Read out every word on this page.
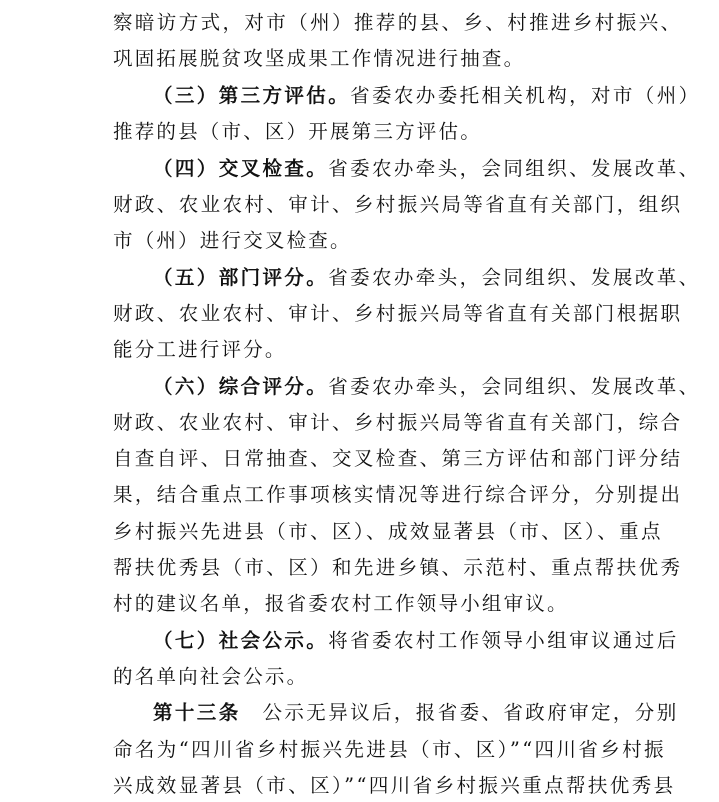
察暗访方式，对市（州）推荐的县、乡、村推进乡村振兴、

巩固拓展脱贫攻坚成果工作情况进行抽查。

（三）第三方评估。省委农办委托相关机构，对市（州）

推荐的县（市、区）开展第三方评估。

（四）交叉检查。省委农办牵头，会同组织、发展改革、

财政、农业农村、审计、乡村振兴局等省直有关部门，组织

市（州）进行交叉检查。

（五）部门评分。省委农办牵头，会同组织、发展改革、

财政、农业农村、审计、乡村振兴局等省直有关部门根据职

能分工进行评分。

（六）综合评分。省委农办牵头，会同组织、发展改革、

财政、农业农村、审计、乡村振兴局等省直有关部门，综合

自查自评、日常抽查、交叉检查、第三方评估和部门评分结

果，结合重点工作事项核实情况等进行综合评分，分别提出

乡村振兴先进县（市、区）、成效显著县（市、区）、重点

帮扶优秀县（市、区）和先进乡镇、示范村、重点帮扶优秀

村的建议名单，报省委农村工作领导小组审议。

（七）社会公示。将省委农村工作领导小组审议通过后

的名单向社会公示。

第十三条　公示无异议后，报省委、省政府审定，分别

命名为“四川省乡村振兴先进县（市、区）”“四川省乡村振

兴成效显著县（市、区）”“四川省乡村振兴重点帮扶优秀县
